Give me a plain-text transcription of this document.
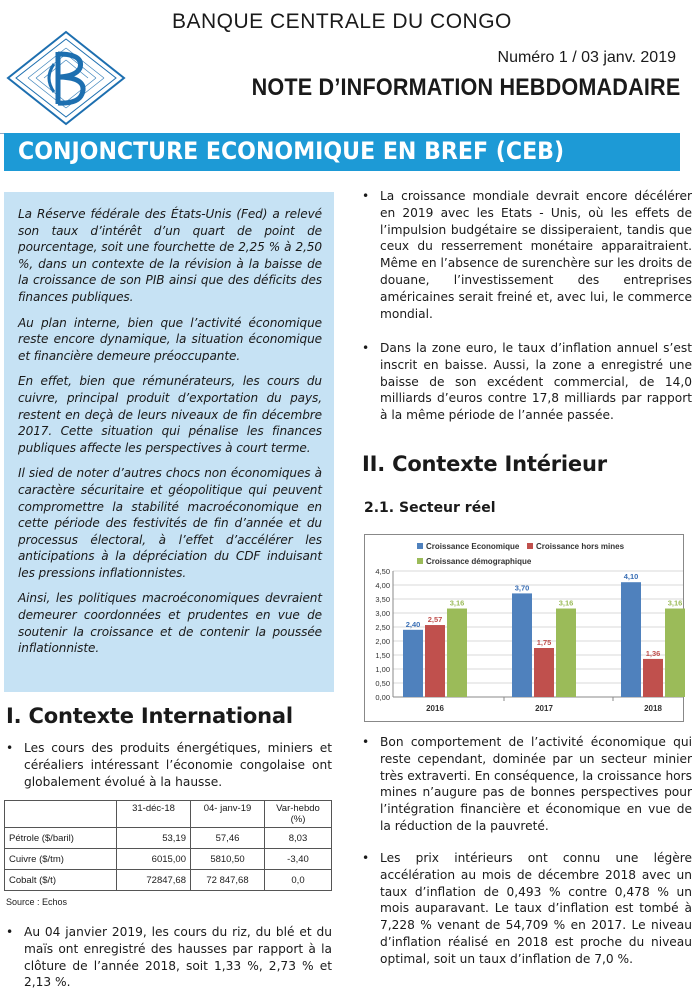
BANQUE CENTRALE DU CONGO
Numéro 1 / 03 janv. 2019
NOTE D’INFORMATION HEBDOMADAIRE
CONJONCTURE ECONOMIQUE EN BREF (CEB)

La Réserve fédérale des États-Unis (Fed) a relevé son taux d’intérêt d’un quart de point de pourcentage, soit une fourchette de 2,25 % à 2,50 %, dans un contexte de la révision à la baisse de la croissance de son PIB ainsi que des déficits des finances publiques.

Au plan interne, bien que l’activité économique reste encore dynamique, la situation économique et financière demeure préoccupante.

En effet, bien que rémunérateurs, les cours du cuivre, principal produit d’exportation du pays, restent en deçà de leurs niveaux de fin décembre 2017. Cette situation qui pénalise les finances publiques affecte les perspectives à court terme.

Il sied de noter d’autres chocs non économiques à caractère sécuritaire et géopolitique qui peuvent compromettre la stabilité macroéconomique en cette période des festivités de fin d’année et du processus électoral, à l’effet d’accélérer les anticipations à la dépréciation du CDF induisant les pressions inflationnistes.

Ainsi, les politiques macroéconomiques devraient demeurer coordonnées et prudentes en vue de soutenir la croissance et de contenir la poussée inflationniste.

I. Contexte International
• Les cours des produits énergétiques, miniers et céréaliers intéressant l’économie congolaise ont globalement évolué à la hausse.
	31-déc-18	04- janv-19	Var-hebdo (%)
Pétrole ($/baril)	53,19	57,46	8,03
Cuivre ($/tm)	6015,00	5810,50	-3,40
Cobalt ($/t)	72847,68	72 847,68	0,0
Source : Echos
• Au 04 janvier 2019, les cours du riz, du blé et du maïs ont enregistré des hausses par rapport à la clôture de l’année 2018, soit 1,33 %, 2,73 % et 2,13 %.
• La croissance mondiale devrait encore décélérer en 2019 avec les Etats - Unis, où les effets de l’impulsion budgétaire se dissiperaient, tandis que ceux du resserrement monétaire apparaitraient. Même en l’absence de surenchère sur les droits de douane, l’investissement des entreprises américaines serait freiné et, avec lui, le commerce mondial.
• Dans la zone euro, le taux d’inflation annuel s’est inscrit en baisse. Aussi, la zone a enregistré une baisse de son excédent commercial, de 14,0 milliards d’euros contre 17,8 milliards par rapport à la même période de l’année passée.
II. Contexte Intérieur
2.1. Secteur réel
Croissance Economique	Croissance hors mines
Croissance démographique
0,00
0,50
1,00
1,50
2,00
2,50
3,00
3,50
4,00
4,50
2,40
2,57
3,16
2016
3,70
1,75
3,16
2017
4,10
1,36
3,16
2018
• Bon comportement de l’activité économique qui reste cependant, dominée par un secteur minier très extraverti. En conséquence, la croissance hors mines n’augure pas de bonnes perspectives pour l’intégration financière et économique en vue de la réduction de la pauvreté.
• Les prix intérieurs ont connu une légère accélération au mois de décembre 2018 avec un taux d’inflation de 0,493 % contre 0,478 % un mois auparavant. Le taux d’inflation est tombé à 7,228 % venant de 54,709 % en 2017. Le niveau d’inflation réalisé en 2018 est proche du niveau optimal, soit un taux d’inflation de 7,0 %.
